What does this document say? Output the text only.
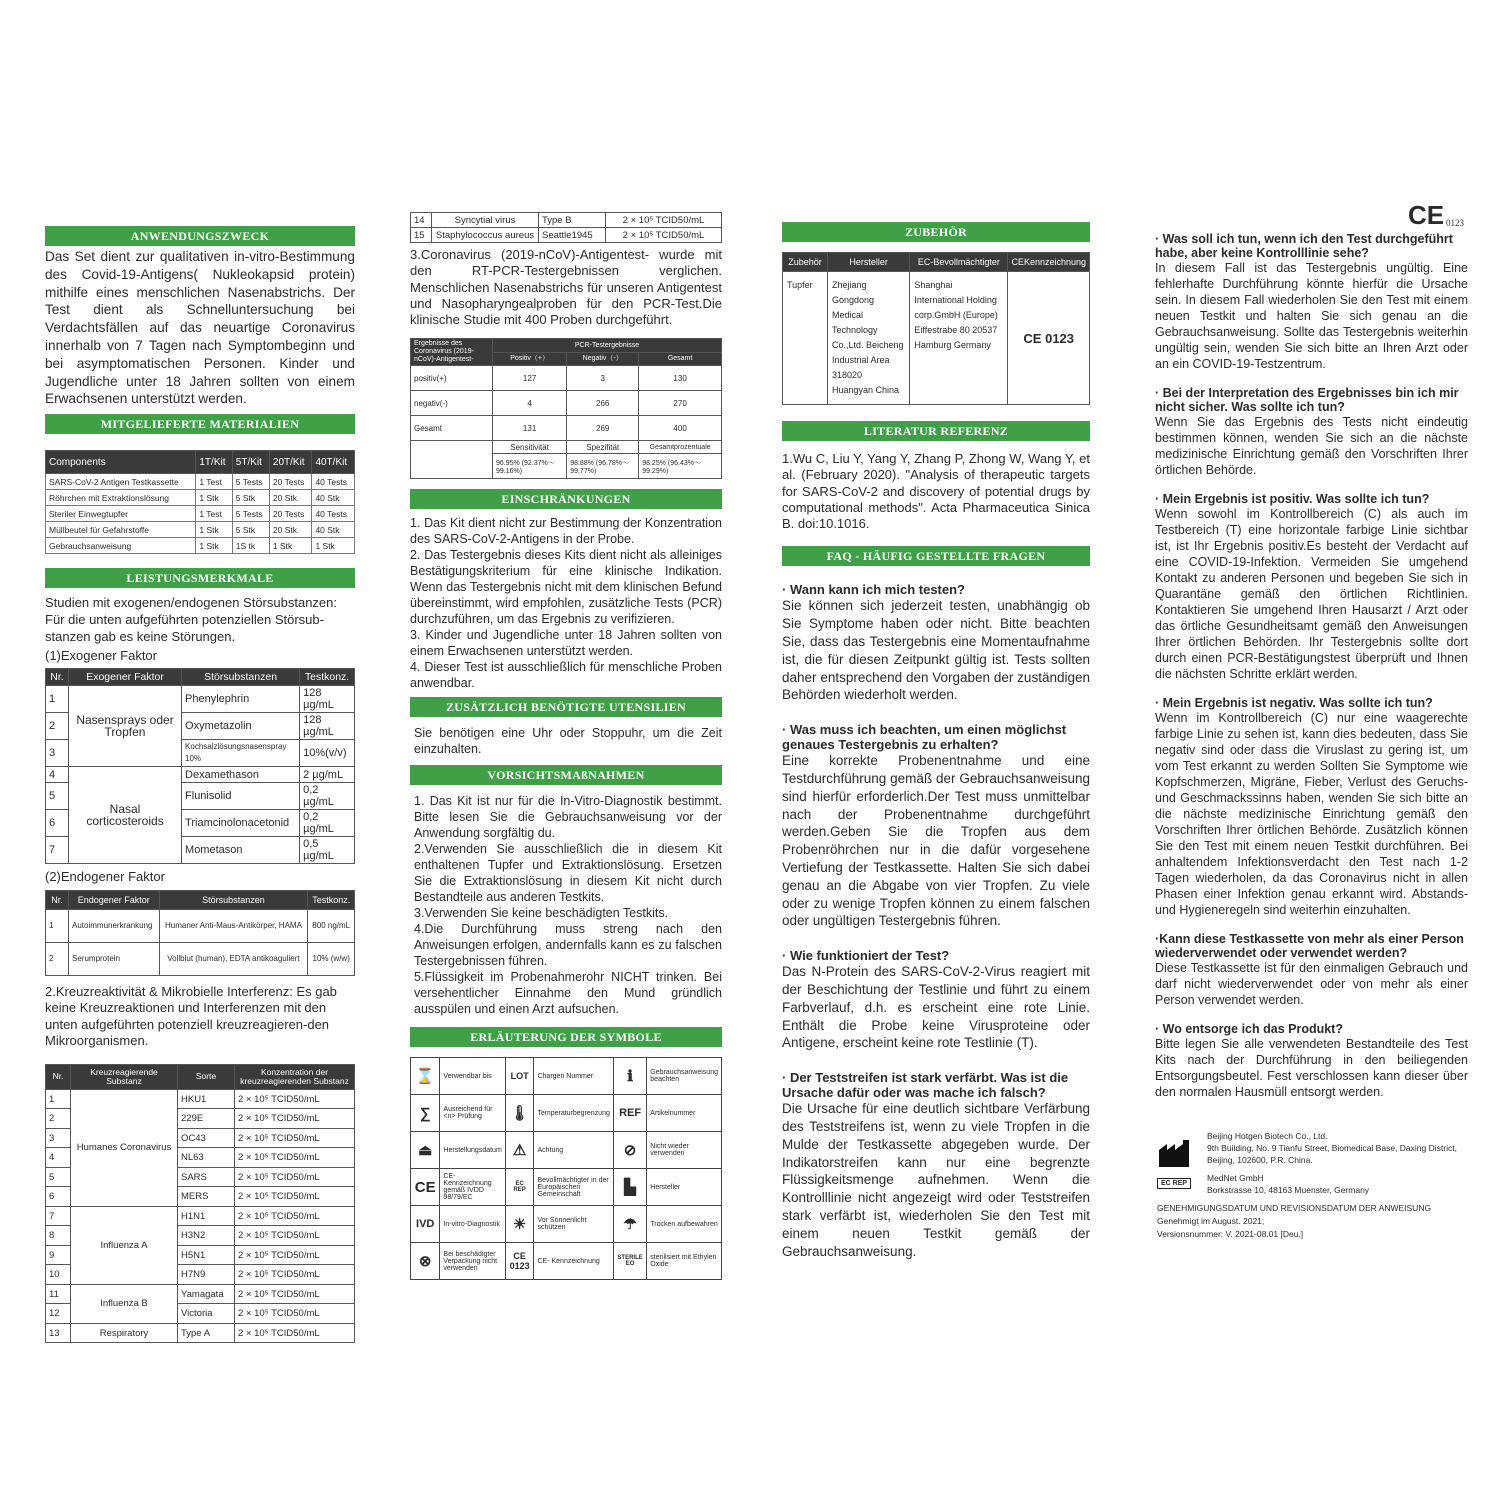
ANWENDUNGSZWECK
Das Set dient zur qualitativen in-vitro-Bestimmung des Covid-19-Antigens( Nukleokapsid protein) mithilfe eines menschlichen Nasenabstrichs. Der Test dient als Schnelluntersuchung bei Verdachtsfällen auf das neuartige Coronavirus innerhalb von 7 Tagen nach Symptombeginn und bei asymptomatischen Personen. Kinder und Jugendliche unter 18 Jahren sollten von einem Erwachsenen unterstützt werden.
MITGELIEFERTE MATERIALIEN
Components	1T/Kit	5T/Kit	20T/Kit	40T/Kit
SARS-CoV-2 Antigen Testkassette	1 Test	5 Tests	20 Tests	40 Tests
Röhrchen mit Extraktionslösung	1 Stk	5 Stk	20 Stk	40 Stk
Steriler Einwegtupfer	1 Test	5 Tests	20 Tests	40 Tests
Müllbeutel für Gefahrstoffe	1 Stk	5 Stk	20 Stk	40 Stk
Gebrauchsanweisung	1 Stk	1S tk	1 Stk	1 Stk
LEISTUNGSMERKMALE
Studien mit exogenen/endogenen Störsubstanzen: Für die unten aufgeführten potenziellen Störsub-stanzen gab es keine Störungen.
(1)Exogener Faktor
Nr.	Exogener Faktor	Störsubstanzen	Testkonz.
1	Nasensprays oder Tropfen	Phenylephrin	128 µg/mL
2		Oxymetazolin	128 µg/mL
3		Kochsalzlösungsnasenspray 10%	10%(v/v)
4	Nasal corticosteroids	Dexamethason	2 µg/mL
5		Flunisolid	0,2 µg/mL
6		Triamcinolonacetonid	0,2 µg/mL
7		Mometason	0,5 µg/mL
(2)Endogener Faktor
Nr.	Endogener Faktor	Störsubstanzen	Testkonz.
1	Autoimmunerkrankung	Humaner Anti-Maus-Antikörper, HAMA	800 ng/mL
2	Serumprotein	Vollblut (human), EDTA antikoaguliert	10% (w/w)
2.Kreuzreaktivität & Mikrobielle Interferenz: Es gab keine Kreuzreaktionen und Interferenzen mit den unten aufgeführten potenziell kreuzreagieren-den Mikroorganismen.
Nr.	Kreuzreagierende Substanz	Sorte	Konzentration der kreuzreagierenden Substanz
1	Humanes Coronavirus	HKU1	2 × 10⁵ TCID50/mL
2		229E	2 × 10⁵ TCID50/mL
3		OC43	2 × 10⁵ TCID50/mL
4		NL63	2 × 10⁵ TCID50/mL
5		SARS	2 × 10⁵ TCID50/mL
6		MERS	2 × 10⁵ TCID50/mL
7	Influenza A	H1N1	2 × 10⁵ TCID50/mL
8		H3N2	2 × 10⁵ TCID50/mL
9		H5N1	2 × 10⁵ TCID50/mL
10		H7N9	2 × 10⁵ TCID50/mL
11	Influenza B	Yamagata	2 × 10⁵ TCID50/mL
12		Victoria	2 × 10⁵ TCID50/mL
13	Respiratory	Type A	2 × 10⁵ TCID50/mL
14	Syncytial virus	Type B	2 × 10⁵ TCID50/mL
15	Staphylococcus aureus	Seattle1945	2 × 10⁵ TCID50/mL
3.Coronavirus (2019-nCoV)-Antigentest- wurde mit den RT-PCR-Testergebnissen verglichen. Menschlichen Nasenabstrichs für unseren Antigentest und Nasopharyngealproben für den PCR-Test.Die klinische Studie mit 400 Proben durchgeführt.
Ergebnisse des Coronavirus (2019-nCoV)-Antigentest-	PCR-Testergebnisse		
	Positiv（+）	Negativ（-）	Gesamt
positiv(+)	127	3	130
negativ(-)	4	266	270
Gesamt	131	269	400
	Sensitivität	Spezifität	Gesamtprozentuale
	96.95% (92.37%～99.16%)	98.88% (96.78%～99.77%)	98.25% (96.43%～99.29%)
EINSCHRÄNKUNGEN
1. Das Kit dient nicht zur Bestimmung der Konzentration des SARS-CoV-2-Antigens in der Probe.
2. Das Testergebnis dieses Kits dient nicht als alleiniges Bestätigungskriterium für eine klinische Indikation. Wenn das Testergebnis nicht mit dem klinischen Befund übereinstimmt, wird empfohlen, zusätzliche Tests (PCR) durchzuführen, um das Ergebnis zu verifizieren.
3. Kinder und Jugendliche unter 18 Jahren sollten von einem Erwachsenen unterstützt werden.
4. Dieser Test ist ausschließlich für menschliche Proben anwendbar.
ZUSÄTZLICH BENÖTIGTE UTENSILIEN
Sie benötigen eine Uhr oder Stoppuhr, um die Zeit einzuhalten.
VORSICHTSMAßNAHMEN
1. Das Kit ist nur für die In-Vitro-Diagnostik bestimmt. Bitte lesen Sie die Gebrauchsanweisung vor der Anwendung sorgfältig du.
2.Verwenden Sie ausschließlich die in diesem Kit enthaltenen Tupfer und Extraktionslösung. Ersetzen Sie die Extraktionslösung in diesem Kit nicht durch Bestandteile aus anderen Testkits.
3.Verwenden Sie keine beschädigten Testkits.
4.Die Durchführung muss streng nach den Anweisungen erfolgen, andernfalls kann es zu falschen Testergebnissen führen.
5.Flüssigkeit im Probenahmerohr NICHT trinken. Bei versehentlicher Einnahme den Mund gründlich ausspülen und einen Arzt aufsuchen.
ERLÄUTERUNG DER SYMBOLE
⌛	Verwendbar bis	LOT	Chargen Nummer	ℹ	Gebrauchsanweisung beachten
∑	Ausreichend für <n> Prüfung	🌡	Temperaturbegrenzung	REF	Artikelnummer
⏏	Herstellungsdatum	⚠	Achtung	⊘	Nicht wieder verwenden
CE	CE-Kennzeichnung gemäß IVDD 98/79/EC	EC REP	Bevollmächtigter in der Europäischen Gemeinschaft	▙	Hersteller
IVD	In-vitro-Diagnostik	☀	Vor Sonnenlicht schützen	☂	Trocken aufbewahren
⊗	Bei beschädigter Verpackung nicht verwenden	CE 0123	CE- Kennzeichnung	STERILE EO	sterilisiert mit Ethylen Oxide
ZUBEHÖR
Zubehör	Hersteller	EC-Bevollmächtigter	CEKennzeichnung
Tupfer	Zhejiang Gongdong Medical Technology Co.,Ltd. Beicheng Industrial Area 318020 Huangyan China	Shanghai International Holding corp.GmbH (Europe) Eiffestrabe 80 20537 Hamburg Germany	CE 0123
LITERATUR REFERENZ
1.Wu C, Liu Y, Yang Y, Zhang P, Zhong W, Wang Y, et al. (February 2020). "Analysis of therapeutic targets for SARS-CoV-2 and discovery of potential drugs by computational methods". Acta Pharmaceutica Sinica B. doi:10.1016.
FAQ - HÄUFIG GESTELLTE FRAGEN
· Wann kann ich mich testen?
Sie können sich jederzeit testen, unabhängig ob Sie Symptome haben oder nicht. Bitte beachten Sie, dass das Testergebnis eine Momentaufnahme ist, die für diesen Zeitpunkt gültig ist. Tests sollten daher entsprechend den Vorgaben der zuständigen Behörden wiederholt werden.
· Was muss ich beachten, um einen möglichst genaues Testergebnis zu erhalten?
Eine korrekte Probenentnahme und eine Testdurchführung gemäß der Gebrauchsanweisung sind hierfür erforderlich.Der Test muss unmittelbar nach der Probenentnahme durchgeführt werden.Geben Sie die Tropfen aus dem Probenröhrchen nur in die dafür vorgesehene Vertiefung der Testkassette. Halten Sie sich dabei genau an die Abgabe von vier Tropfen. Zu viele oder zu wenige Tropfen können zu einem falschen oder ungültigen Testergebnis führen.
· Wie funktioniert der Test?
Das N-Protein des SARS-CoV-2-Virus reagiert mit der Beschichtung der Testlinie und führt zu einem Farbverlauf, d.h. es erscheint eine rote Linie. Enthält die Probe keine Virusproteine oder Antigene, erscheint keine rote Testlinie (T).
· Der Teststreifen ist stark verfärbt. Was ist die Ursache dafür oder was mache ich falsch?
Die Ursache für eine deutlich sichtbare Verfärbung des Teststreifens ist, wenn zu viele Tropfen in die Mulde der Testkassette abgegeben wurde. Der Indikatorstreifen kann nur eine begrenzte Flüssigkeitsmenge aufnehmen. Wenn die Kontrolllinie nicht angezeigt wird oder Teststreifen stark verfärbt ist, wiederholen Sie den Test mit einem neuen Testkit gemäß der Gebrauchsanweisung.
CE 0123
· Was soll ich tun, wenn ich den Test durchgeführt habe, aber keine Kontrolllinie sehe?
In diesem Fall ist das Testergebnis ungültig. Eine fehlerhafte Durchführung könnte hierfür die Ursache sein. In diesem Fall wiederholen Sie den Test mit einem neuen Testkit und halten Sie sich genau an die Gebrauchsanweisung. Sollte das Testergebnis weiterhin ungültig sein, wenden Sie sich bitte an Ihren Arzt oder an ein COVID-19-Testzentrum.
· Bei der Interpretation des Ergebnisses bin ich mir nicht sicher. Was sollte ich tun?
Wenn Sie das Ergebnis des Tests nicht eindeutig bestimmen können, wenden Sie sich an die nächste medizinische Einrichtung gemäß den Vorschriften Ihrer örtlichen Behörde.
· Mein Ergebnis ist positiv. Was sollte ich tun?
Wenn sowohl im Kontrollbereich (C) als auch im Testbereich (T) eine horizontale farbige Linie sichtbar ist, ist Ihr Ergebnis positiv.Es besteht der Verdacht auf eine COVID-19-Infektion. Vermeiden Sie umgehend Kontakt zu anderen Personen und begeben Sie sich in Quarantäne gemäß den örtlichen Richtlinien. Kontaktieren Sie umgehend Ihren Hausarzt / Arzt oder das örtliche Gesundheitsamt gemäß den Anweisungen Ihrer örtlichen Behörden. Ihr Testergebnis sollte dort durch einen PCR-Bestätigungstest überprüft und Ihnen die nächsten Schritte erklärt werden.
· Mein Ergebnis ist negativ. Was sollte ich tun?
Wenn im Kontrollbereich (C) nur eine waagerechte farbige Linie zu sehen ist, kann dies bedeuten, dass Sie negativ sind oder dass die Viruslast zu gering ist, um vom Test erkannt zu werden Sollten Sie Symptome wie Kopfschmerzen, Migräne, Fieber, Verlust des Geruchs- und Geschmackssinns haben, wenden Sie sich bitte an die nächste medizinische Einrichtung gemäß den Vorschriften Ihrer örtlichen Behörde. Zusätzlich können Sie den Test mit einem neuen Testkit durchführen. Bei anhaltendem Infektionsverdacht den Test nach 1-2 Tagen wiederholen, da das Coronavirus nicht in allen Phasen einer Infektion genau erkannt wird. Abstands- und Hygieneregeln sind weiterhin einzuhalten.
·Kann diese Testkassette von mehr als einer Person wiederverwendet oder verwendet werden?
Diese Testkassette ist für den einmaligen Gebrauch und darf nicht wiederverwendet oder von mehr als einer Person verwendet werden.
· Wo entsorge ich das Produkt?
Bitte legen Sie alle verwendeten Bestandteile des Test Kits nach der Durchführung in den beiliegenden Entsorgungsbeutel. Fest verschlossen kann dieser über den normalen Hausmüll entsorgt werden.
Beijing Hotgen Biotech Co., Ltd.
9th Building, No. 9 Tianfu Street, Biomedical Base, Daxing District, Beijing, 102600, P.R. China.
EC REP
MedNet GmbH
Borkstrasse 10, 48163 Muenster, Germany
GENEHMIGUNGSDATUM UND REVISIONSDATUM DER ANWEISUNG
Genehmigt im August. 2021;
Versionsnummer: V. 2021-08.01 [Deu.]
